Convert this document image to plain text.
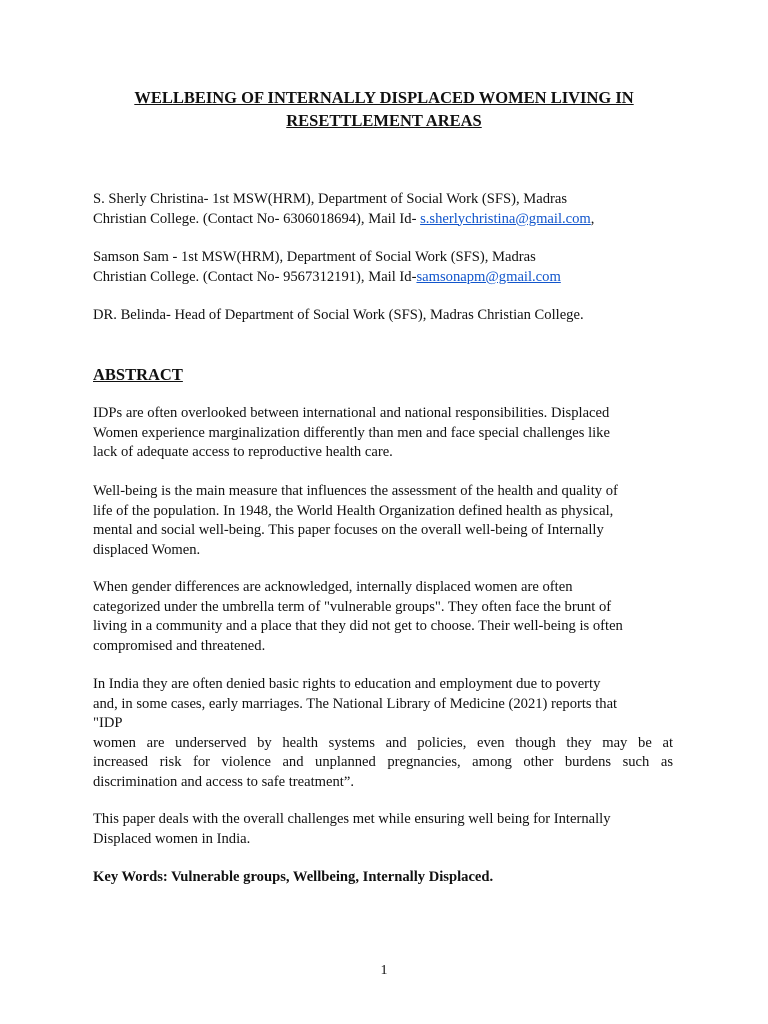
WELLBEING OF INTERNALLY DISPLACED WOMEN LIVING IN
RESETTLEMENT AREAS
S. Sherly Christina- 1st MSW(HRM), Department of Social Work (SFS), Madras
Christian College. (Contact No- 6306018694), Mail Id- s.sherlychristina@gmail.com,
Samson Sam - 1st MSW(HRM), Department of Social Work (SFS), Madras
Christian College. (Contact No- 9567312191), Mail Id-samsonapm@gmail.com
DR. Belinda- Head of Department of Social Work (SFS), Madras Christian College.
ABSTRACT
IDPs are often overlooked between international and national responsibilities. Displaced
Women experience marginalization differently than men and face special challenges like
lack of adequate access to reproductive health care.
Well-being is the main measure that influences the assessment of the health and quality of
life of the population. In 1948, the World Health Organization defined health as physical,
mental and social well-being. This paper focuses on the overall well-being of Internally
displaced Women.
When gender differences are acknowledged, internally displaced women are often
categorized under the umbrella term of "vulnerable groups". They often face the brunt of
living in a community and a place that they did not get to choose. Their well-being is often
compromised and threatened.
In India they are often denied basic rights to education and employment due to poverty
and, in some cases, early marriages. The National Library of Medicine (2021) reports that
"IDP
women are underserved by health systems and policies, even though they may be at
increased risk for violence and unplanned pregnancies, among other burdens such as
discrimination and access to safe treatment”.
This paper deals with the overall challenges met while ensuring well being for Internally
Displaced women in India.
Key Words: Vulnerable groups, Wellbeing, Internally Displaced.
1
